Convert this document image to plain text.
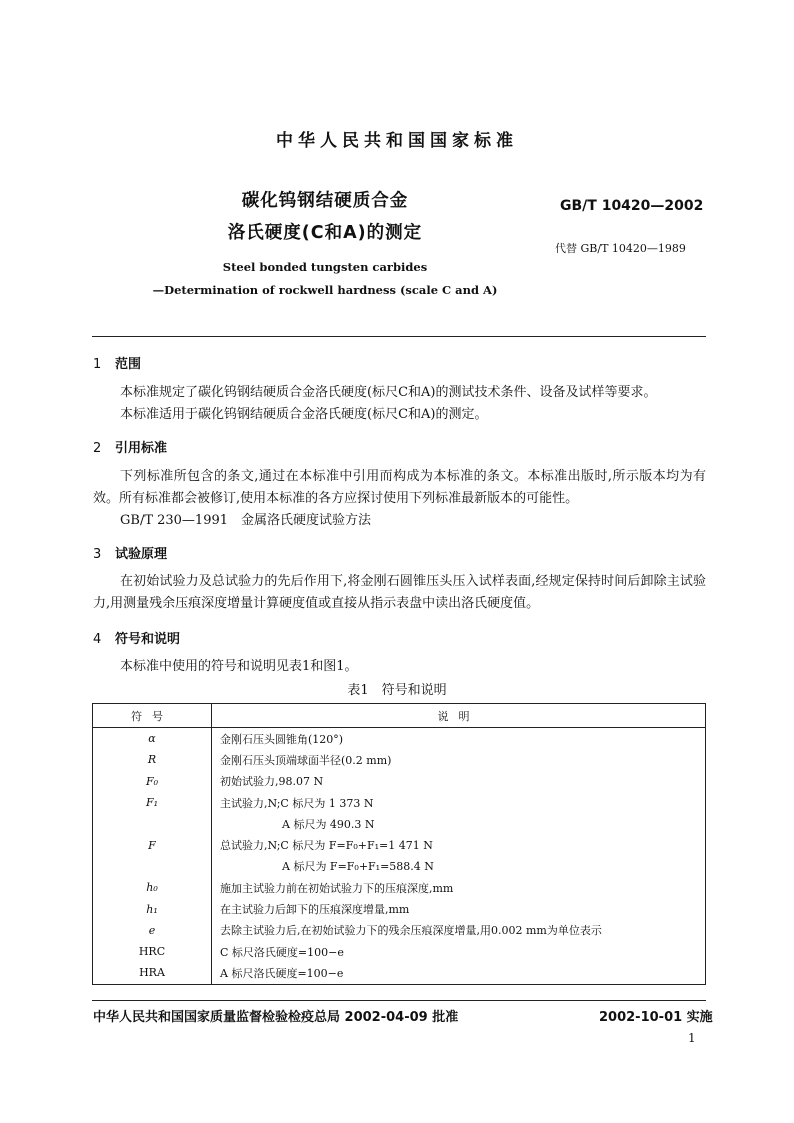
中华人民共和国国家标准
碳化钨钢结硬质合金
洛氏硬度(C和A)的测定
GB/T 10420—2002
代替 GB/T 10420—1989
Steel bonded tungsten carbides
—Determination of rockwell hardness (scale C and A)
1 范围
本标准规定了碳化钨钢结硬质合金洛氏硬度(标尺C和A)的测试技术条件、设备及试样等要求。
本标准适用于碳化钨钢结硬质合金洛氏硬度(标尺C和A)的测定。
2 引用标准
下列标准所包含的条文,通过在本标准中引用而构成为本标准的条文。本标准出版时,所示版本均为有效。所有标准都会被修订,使用本标准的各方应探讨使用下列标准最新版本的可能性。
GB/T 230—1991　金属洛氏硬度试验方法
3 试验原理
在初始试验力及总试验力的先后作用下,将金刚石圆锥压头压入试样表面,经规定保持时间后卸除主试验力,用测量残余压痕深度增量计算硬度值或直接从指示表盘中读出洛氏硬度值。
4 符号和说明
本标准中使用的符号和说明见表1和图1。
表1　符号和说明
符号	说明
α	金刚石压头圆锥角(120°)
R	金刚石压头顶端球面半径(0.2 mm)
F₀	初始试验力,98.07 N
F₁	主试验力,N;C 标尺为 1 373 N
	A 标尺为 490.3 N
F	总试验力,N;C 标尺为 F=F₀+F₁=1 471 N
	A 标尺为 F=F₀+F₁=588.4 N
h₀	施加主试验力前在初始试验力下的压痕深度,mm
h₁	在主试验力后卸下的压痕深度增量,mm
e	去除主试验力后,在初始试验力下的残余压痕深度增量,用0.002 mm为单位表示
HRC	C 标尺洛氏硬度=100−e
HRA	A 标尺洛氏硬度=100−e
中华人民共和国国家质量监督检验检疫总局 2002-04-09 批准	2002-10-01 实施
1
